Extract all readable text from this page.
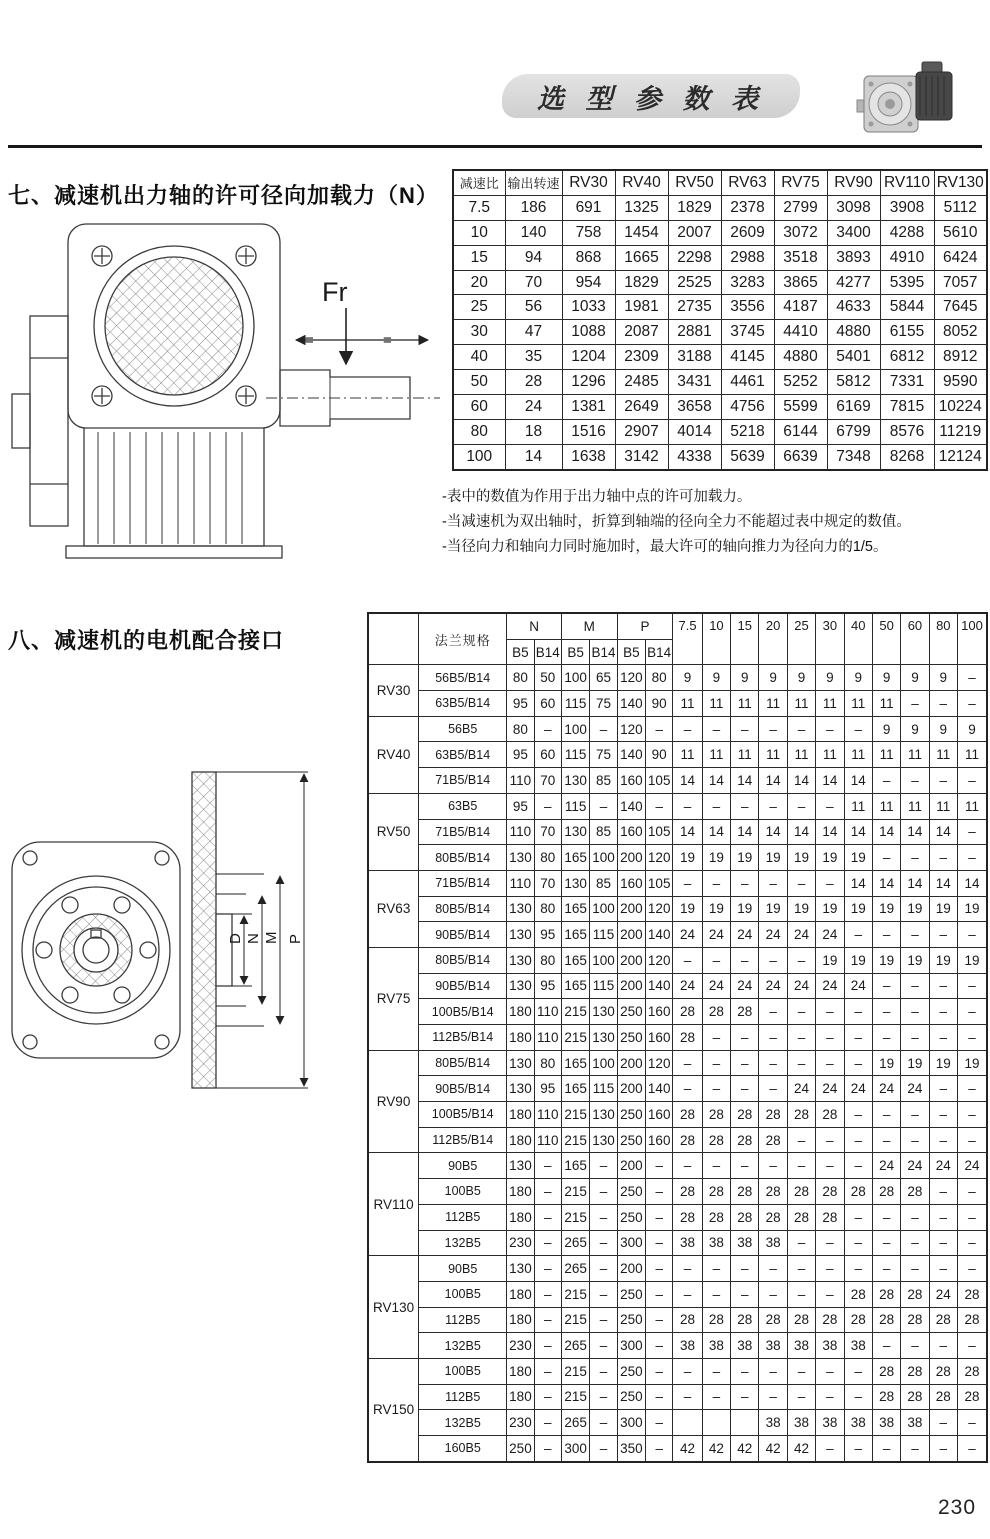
选 型 参 数 表
七、减速机出力轴的许可径向加载力（N）
=	=
Fr
减速比	输出转速	RV30	RV40	RV50	RV63	RV75	RV90	RV110	RV130
7.5	186	691	1325	1829	2378	2799	3098	3908	5112
10	140	758	1454	2007	2609	3072	3400	4288	5610
15	94	868	1665	2298	2988	3518	3893	4910	6424
20	70	954	1829	2525	3283	3865	4277	5395	7057
25	56	1033	1981	2735	3556	4187	4633	5844	7645
30	47	1088	2087	2881	3745	4410	4880	6155	8052
40	35	1204	2309	3188	4145	4880	5401	6812	8912
50	28	1296	2485	3431	4461	5252	5812	7331	9590
60	24	1381	2649	3658	4756	5599	6169	7815	10224
80	18	1516	2907	4014	5218	6144	6799	8576	11219
100	14	1638	3142	4338	5639	6639	7348	8268	12124
-表中的数值为作用于出力轴中点的许可加载力。
-当减速机为双出轴时，折算到轴端的径向全力不能超过表中规定的数值。
-当径向力和轴向力同时施加时，最大许可的轴向推力为径向力的1/5。
八、减速机的电机配合接口
D N M P
	法兰规格	N		M		P		7.5	10	15	20	25	30	40	50	60	80	100
		B5	B14	B5	B14	B5	B14											
RV30	56B5/B14	80	50	100	65	120	80	9	9	9	9	9	9	9	9	9	9	–
	63B5/B14	95	60	115	75	140	90	11	11	11	11	11	11	11	11	–	–	–
RV40	56B5	80	–	100	–	120	–	–	–	–	–	–	–	–	9	9	9	9
	63B5/B14	95	60	115	75	140	90	11	11	11	11	11	11	11	11	11	11	11
	71B5/B14	110	70	130	85	160	105	14	14	14	14	14	14	14	–	–	–	–
RV50	63B5	95	–	115	–	140	–	–	–	–	–	–	–	11	11	11	11	11
	71B5/B14	110	70	130	85	160	105	14	14	14	14	14	14	14	14	14	14	–
	80B5/B14	130	80	165	100	200	120	19	19	19	19	19	19	19	–	–	–	–
RV63	71B5/B14	110	70	130	85	160	105	–	–	–	–	–	–	14	14	14	14	14
	80B5/B14	130	80	165	100	200	120	19	19	19	19	19	19	19	19	19	19	19
	90B5/B14	130	95	165	115	200	140	24	24	24	24	24	24	–	–	–	–	–
RV75	80B5/B14	130	80	165	100	200	120	–	–	–	–	–	19	19	19	19	19	19
	90B5/B14	130	95	165	115	200	140	24	24	24	24	24	24	24	–	–	–	–
	100B5/B14	180	110	215	130	250	160	28	28	28	–	–	–	–	–	–	–	–
	112B5/B14	180	110	215	130	250	160	28	–	–	–	–	–	–	–	–	–	–
RV90	80B5/B14	130	80	165	100	200	120	–	–	–	–	–	–	–	19	19	19	19
	90B5/B14	130	95	165	115	200	140	–	–	–	–	24	24	24	24	24	–	–
	100B5/B14	180	110	215	130	250	160	28	28	28	28	28	28	–	–	–	–	–
	112B5/B14	180	110	215	130	250	160	28	28	28	28	–	–	–	–	–	–	–
RV110	90B5	130	–	165	–	200	–	–	–	–	–	–	–	–	24	24	24	24
	100B5	180	–	215	–	250	–	28	28	28	28	28	28	28	28	28	–	–
	112B5	180	–	215	–	250	–	28	28	28	28	28	28	–	–	–	–	–
	132B5	230	–	265	–	300	–	38	38	38	38	–	–	–	–	–	–	–
RV130	90B5	130	–	265	–	200	–	–	–	–	–	–	–	–	–	–	–	–
	100B5	180	–	215	–	250	–	–	–	–	–	–	–	28	28	28	24	28
	112B5	180	–	215	–	250	–	28	28	28	28	28	28	28	28	28	28	28
	132B5	230	–	265	–	300	–	38	38	38	38	38	38	38	–	–	–	–
RV150	100B5	180	–	215	–	250	–	–	–	–	–	–	–	–	28	28	28	28
	112B5	180	–	215	–	250	–	–	–	–	–	–	–	–	28	28	28	28
	132B5	230	–	265	–	300	–				38	38	38	38	38	38	–	–
	160B5	250	–	300	–	350	–	42	42	42	42	42	–	–	–	–	–	–
230
